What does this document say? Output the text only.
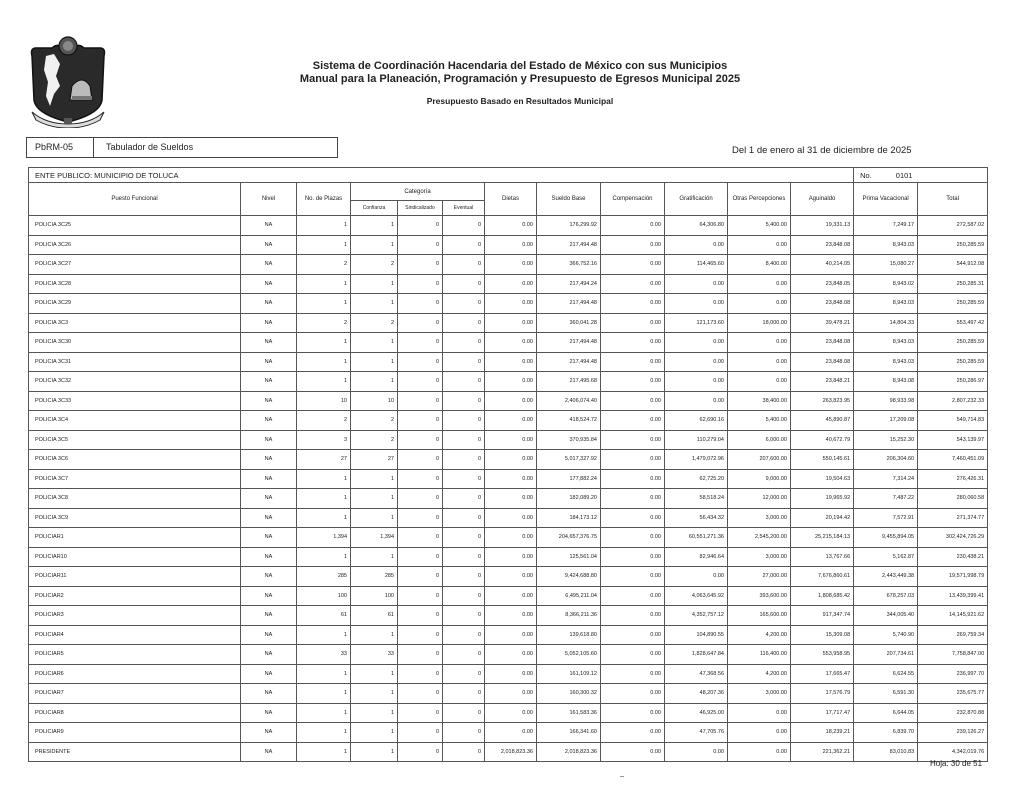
Sistema de Coordinación Hacendaria del Estado de México con sus Municipios
Manual para la Planeación, Programación y Presupuesto de Egresos Municipal 2025
Presupuesto Basado en Resultados Municipal
PbRM-05	Tabulador de Sueldos	Del 1 de enero al 31 de diciembre de 2025
ENTE PUBLICO: MUNICIPIO DE TOLUCA												No. 0101	
Puesto Funcional	Nivel	No. de Plazas	Categoría			Dietas	Sueldo Base	Compensación	Gratificación	Otras Percepciones	Aguinaldo	Prima Vacacional	Total
			Confianza	Sindicalizado	Eventual								
POLICIA 3C25	NA	1	1	0	0	0.00	176,299.92	0.00	64,306.80	5,400.00	19,331.13	7,249.17	272,587.02
POLICIA 3C26	NA	1	1	0	0	0.00	217,494.48	0.00	0.00	0.00	23,848.08	8,943.03	250,285.59
POLICIA 3C27	NA	2	2	0	0	0.00	366,752.16	0.00	114,465.60	8,400.00	40,214.05	15,080.27	544,912.08
POLICIA 3C28	NA	1	1	0	0	0.00	217,494.24	0.00	0.00	0.00	23,848.05	8,943.02	250,285.31
POLICIA 3C29	NA	1	1	0	0	0.00	217,494.48	0.00	0.00	0.00	23,848.08	8,943.03	250,285.59
POLICIA 3C3	NA	2	2	0	0	0.00	360,041.28	0.00	121,173.60	18,000.00	39,478.21	14,804.33	553,497.42
POLICIA 3C30	NA	1	1	0	0	0.00	217,494.48	0.00	0.00	0.00	23,848.08	8,943.03	250,285.59
POLICIA 3C31	NA	1	1	0	0	0.00	217,494.48	0.00	0.00	0.00	23,848.08	8,943.03	250,285.59
POLICIA 3C32	NA	1	1	0	0	0.00	217,495.68	0.00	0.00	0.00	23,848.21	8,943.08	250,286.97
POLICIA 3C33	NA	10	10	0	0	0.00	2,406,074.40	0.00	0.00	38,400.00	263,823.95	98,933.98	2,807,232.33
POLICIA 3C4	NA	2	2	0	0	0.00	418,524.72	0.00	62,690.16	5,400.00	45,890.87	17,209.08	549,714.83
POLICIA 3C5	NA	3	2	0	0	0.00	370,935.84	0.00	110,279.04	6,000.00	40,672.79	15,252.30	543,139.97
POLICIA 3C6	NA	27	27	0	0	0.00	5,017,327.92	0.00	1,479,072.96	207,600.00	550,145.61	206,304.60	7,460,451.09
POLICIA 3C7	NA	1	1	0	0	0.00	177,882.24	0.00	62,725.20	9,000.00	19,504.63	7,314.24	276,426.31
POLICIA 3C8	NA	1	1	0	0	0.00	182,089.20	0.00	58,518.24	12,000.00	19,965.92	7,487.22	280,060.58
POLICIA 3C9	NA	1	1	0	0	0.00	184,173.12	0.00	56,434.32	3,000.00	20,194.42	7,572.91	271,374.77
POLICIAR1	NA	1,394	1,394	0	0	0.00	204,657,376.75	0.00	60,551,271.36	2,545,200.00	25,215,184.13	9,455,894.05	302,424,726.29
POLICIAR10	NA	1	1	0	0	0.00	125,561.04	0.00	82,946.64	3,000.00	13,767.66	5,162.87	230,438.21
POLICIAR11	NA	285	285	0	0	0.00	9,424,688.80	0.00	0.00	27,000.00	7,676,860.61	2,443,449.38	19,571,998.79
POLICIAR2	NA	100	100	0	0	0.00	6,495,211.04	0.00	4,063,645.92	393,600.00	1,808,685.42	678,257.03	13,439,399.41
POLICIAR3	NA	61	61	0	0	0.00	8,366,211.36	0.00	4,352,757.12	165,600.00	917,347.74	344,005.40	14,145,921.62
POLICIAR4	NA	1	1	0	0	0.00	139,618.80	0.00	104,890.55	4,200.00	15,309.08	5,740.90	269,759.34
POLICIAR5	NA	33	33	0	0	0.00	5,052,105.60	0.00	1,828,647.84	116,400.00	553,958.95	207,734.61	7,758,847.00
POLICIAR6	NA	1	1	0	0	0.00	161,109.12	0.00	47,368.56	4,200.00	17,665.47	6,624.55	236,997.70
POLICIAR7	NA	1	1	0	0	0.00	160,300.32	0.00	48,207.36	3,000.00	17,576.79	6,591.30	235,675.77
POLICIAR8	NA	1	1	0	0	0.00	161,583.36	0.00	46,925.00	0.00	17,717.47	6,644.05	232,870.88
POLICIAR9	NA	1	1	0	0	0.00	166,341.60	0.00	47,705.76	0.00	18,239.21	6,839.70	239,126.27
PRESIDENTE	NA	1	1	0	0	2,018,823.36	2,018,823.36	0.00	0.00	0.00	221,362.21	83,010.83	4,342,019.76
Hoja: 30 de 51
